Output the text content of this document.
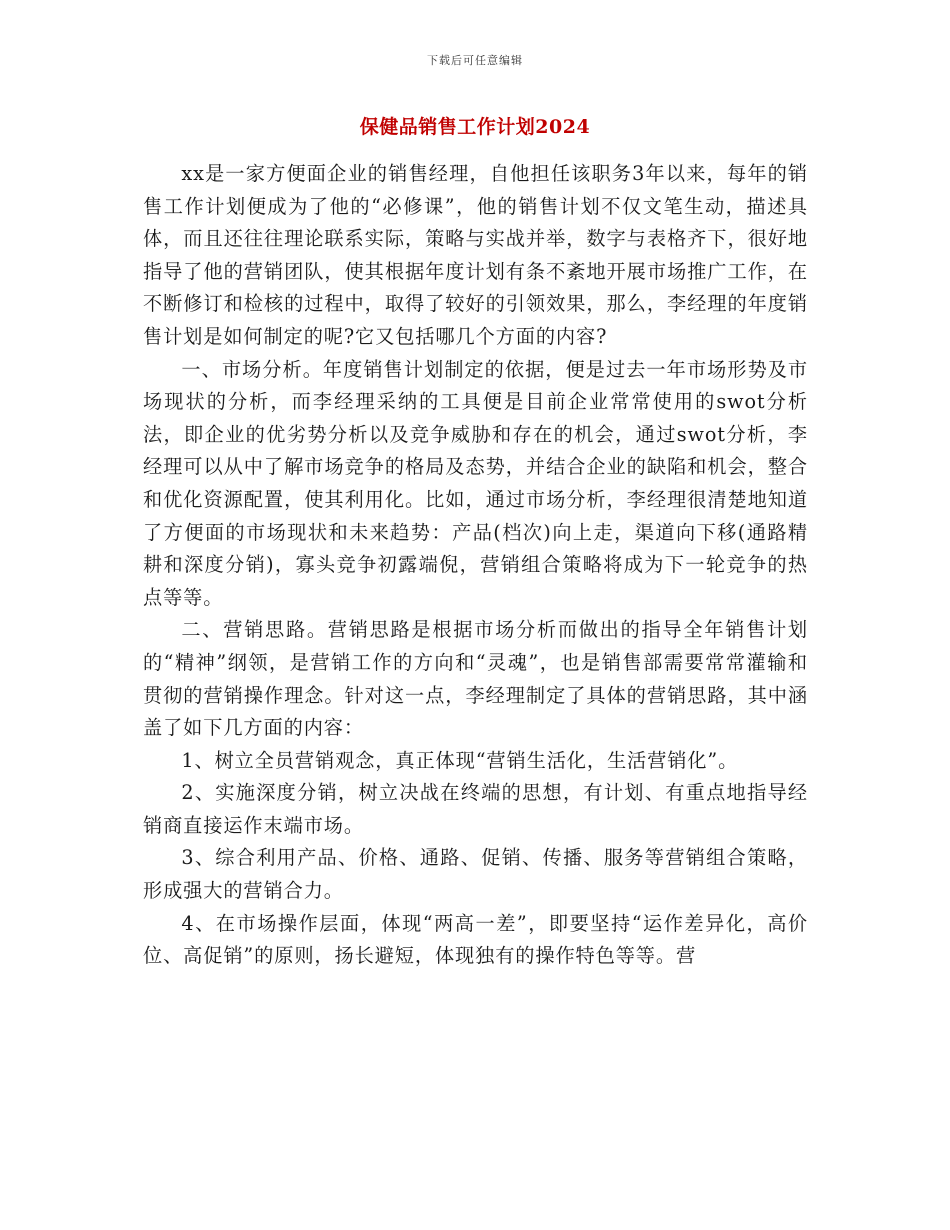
下载后可任意编辑
保健品销售工作计划2024

xx是一家方便面企业的销售经理，自他担任该职务3年以来，每年的销售工作计划便成为了他的“必修课”，他的销售计划不仅文笔生动，描述具体，而且还往往理论联系实际，策略与实战并举，数字与表格齐下，很好地指导了他的营销团队，使其根据年度计划有条不紊地开展市场推广工作，在不断修订和检核的过程中，取得了较好的引领效果，那么，李经理的年度销售计划是如何制定的呢?它又包括哪几个方面的内容?

一、市场分析。年度销售计划制定的依据，便是过去一年市场形势及市场现状的分析，而李经理采纳的工具便是目前企业常常使用的swot分析法，即企业的优劣势分析以及竞争威胁和存在的机会，通过swot分析，李经理可以从中了解市场竞争的格局及态势，并结合企业的缺陷和机会，整合和优化资源配置，使其利用化。比如，通过市场分析，李经理很清楚地知道了方便面的市场现状和未来趋势：产品(档次)向上走，渠道向下移(通路精耕和深度分销)，寡头竞争初露端倪，营销组合策略将成为下一轮竞争的热点等等。

二、营销思路。营销思路是根据市场分析而做出的指导全年销售计划的“精神”纲领，是营销工作的方向和“灵魂”，也是销售部需要常常灌输和贯彻的营销操作理念。针对这一点，李经理制定了具体的营销思路，其中涵盖了如下几方面的内容：

1、树立全员营销观念，真正体现“营销生活化，生活营销化”。

2、实施深度分销，树立决战在终端的思想，有计划、有重点地指导经销商直接运作末端市场。

3、综合利用产品、价格、通路、促销、传播、服务等营销组合策略，形成强大的营销合力。

4、在市场操作层面，体现“两高一差”，即要坚持“运作差异化，高价位、高促销”的原则，扬长避短，体现独有的操作特色等等。营
